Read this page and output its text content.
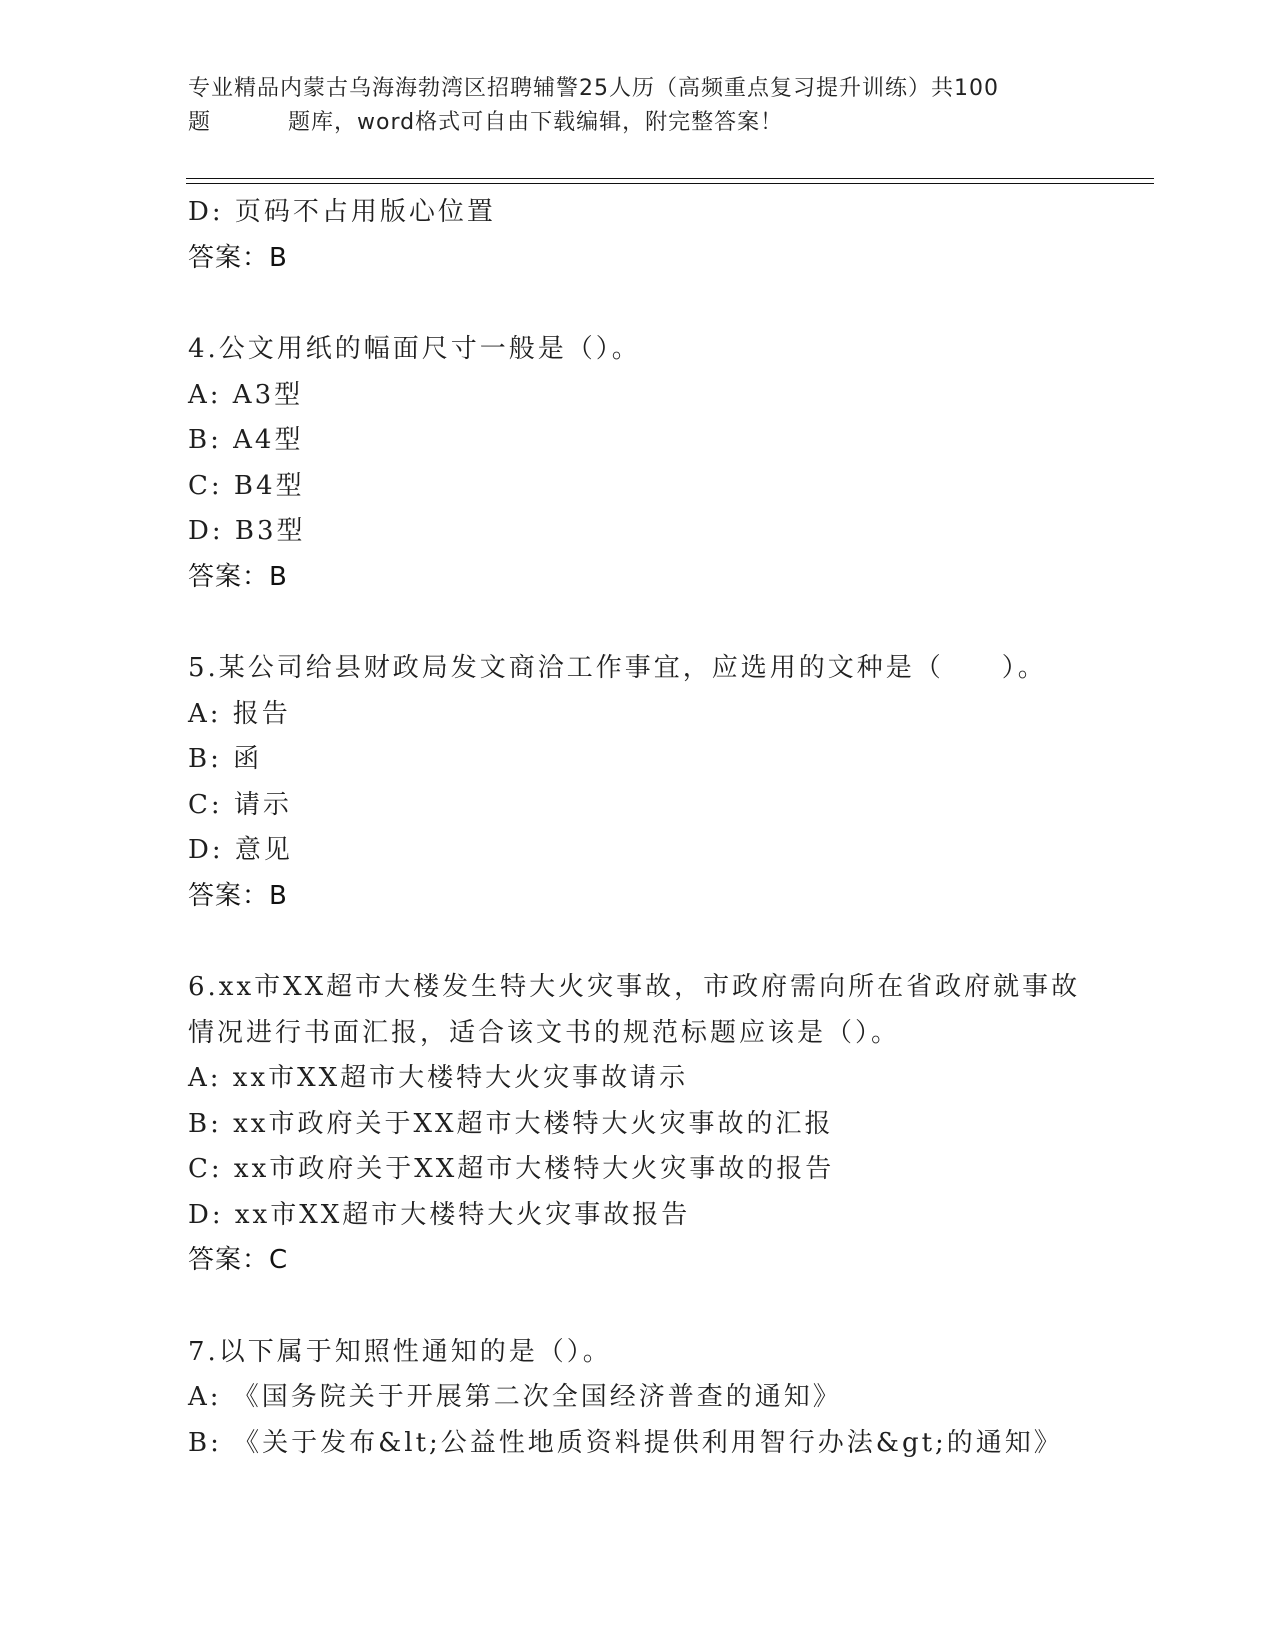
专业精品内蒙古乌海海勃湾区招聘辅警25人历（高频重点复习提升训练）共100
题	题库，word格式可自由下载编辑，附完整答案！
D: 页码不占用版心位置
答案：B
4.公文用纸的幅面尺寸一般是（）。
A: A3型
B: A4型
C: B4型
D: B3型
答案：B
5.某公司给县财政局发文商洽工作事宜，应选用的文种是（　　）。
A: 报告
B: 函
C: 请示
D: 意见
答案：B
6.xx市XX超市大楼发生特大火灾事故，市政府需向所在省政府就事故
情况进行书面汇报，适合该文书的规范标题应该是（）。
A: xx市XX超市大楼特大火灾事故请示
B: xx市政府关于XX超市大楼特大火灾事故的汇报
C: xx市政府关于XX超市大楼特大火灾事故的报告
D: xx市XX超市大楼特大火灾事故报告
答案：C
7.以下属于知照性通知的是（）。
A: 《国务院关于开展第二次全国经济普查的通知》
B: 《关于发布&lt;公益性地质资料提供利用智行办法&gt;的通知》
